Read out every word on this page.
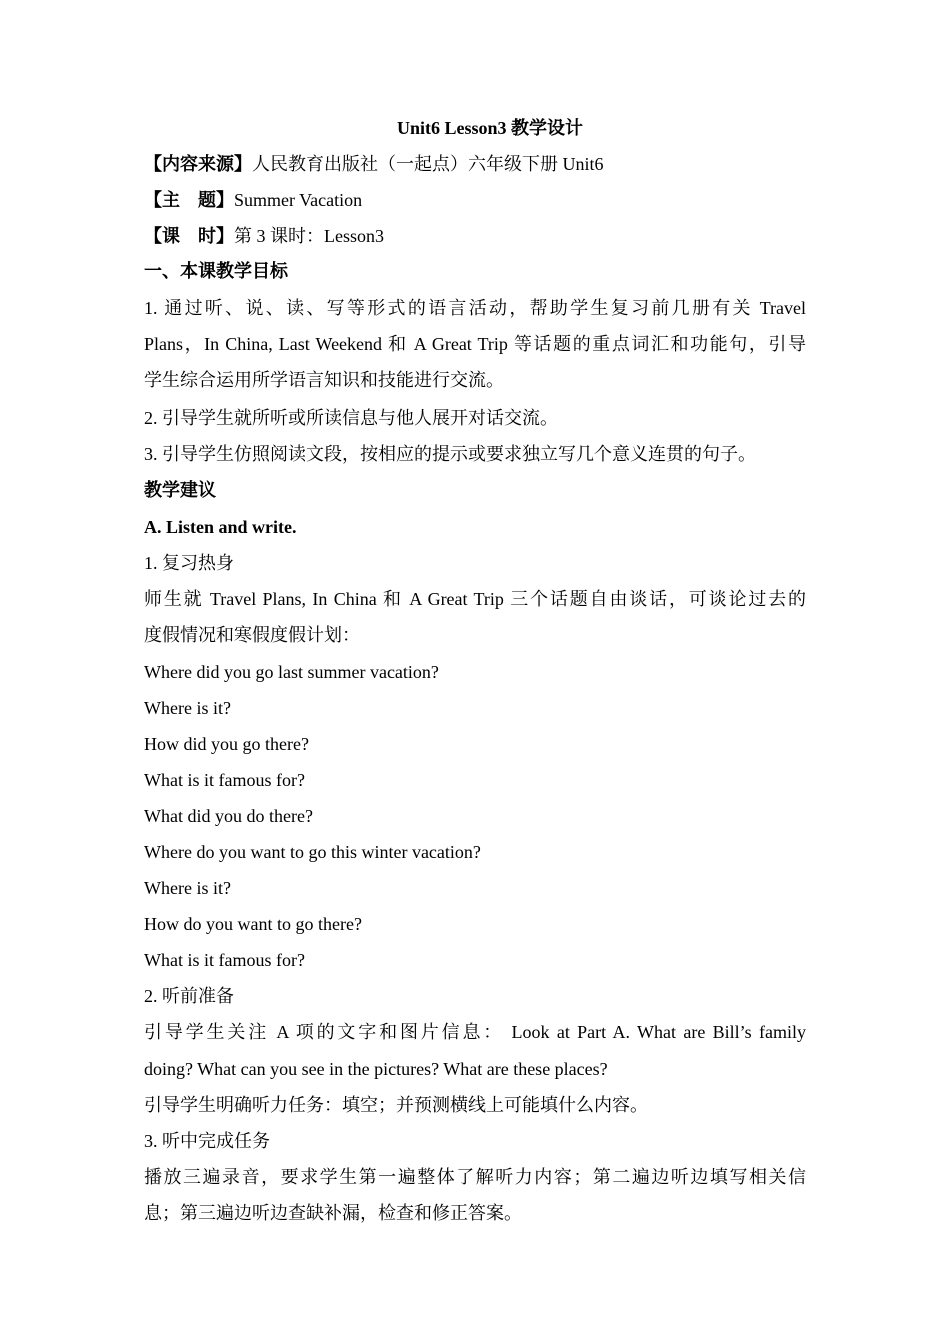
Unit6 Lesson3 教学设计
【内容来源】人民教育出版社（一起点）六年级下册 Unit6
【主　题】Summer Vacation
【课　时】第 3 课时：Lesson3
一、本课教学目标
1. 通过听、说、读、写等形式的语言活动，帮助学生复习前几册有关 Travel
Plans，In China, Last Weekend 和 A Great Trip 等话题的重点词汇和功能句，引导
学生综合运用所学语言知识和技能进行交流。
2. 引导学生就所听或所读信息与他人展开对话交流。
3. 引导学生仿照阅读文段，按相应的提示或要求独立写几个意义连贯的句子。
教学建议
A. Listen and write.
1. 复习热身
师生就 Travel Plans, In China 和 A Great Trip 三个话题自由谈话，可谈论过去的
度假情况和寒假度假计划：
Where did you go last summer vacation?
Where is it?
How did you go there?
What is it famous for?
What did you do there?
Where do you want to go this winter vacation?
Where is it?
How do you want to go there?
What is it famous for?
2. 听前准备
引导学生关注 A 项的文字和图片信息： Look at Part A. What are Bill’s family
doing? What can you see in the pictures? What are these places?
引导学生明确听力任务：填空；并预测横线上可能填什么内容。
3. 听中完成任务
播放三遍录音，要求学生第一遍整体了解听力内容；第二遍边听边填写相关信
息；第三遍边听边查缺补漏，检查和修正答案。
